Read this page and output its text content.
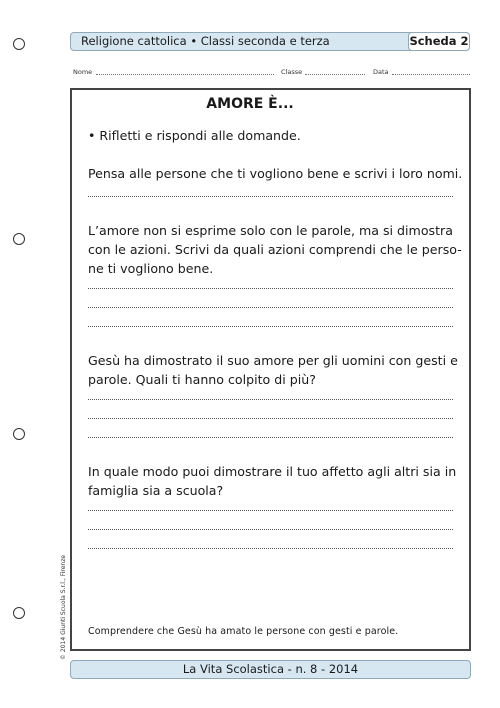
Religione cattolica • Classi seconda e terza	Scheda 2
Nome	Classe	Data
AMORE È...
• Rifletti e rispondi alle domande.
Pensa alle persone che ti vogliono bene e scrivi i loro nomi.
L’amore non si esprime solo con le parole, ma si dimostra
con le azioni. Scrivi da quali azioni comprendi che le perso-
ne ti vogliono bene.
Gesù ha dimostrato il suo amore per gli uomini con gesti e
parole. Quali ti hanno colpito di più?
In quale modo puoi dimostrare il tuo affetto agli altri sia in
famiglia sia a scuola?
Comprendere che Gesù ha amato le persone con gesti e parole.
© 2014 Giunti Scuola S.r.l., Firenze
La Vita Scolastica - n. 8 - 2014
